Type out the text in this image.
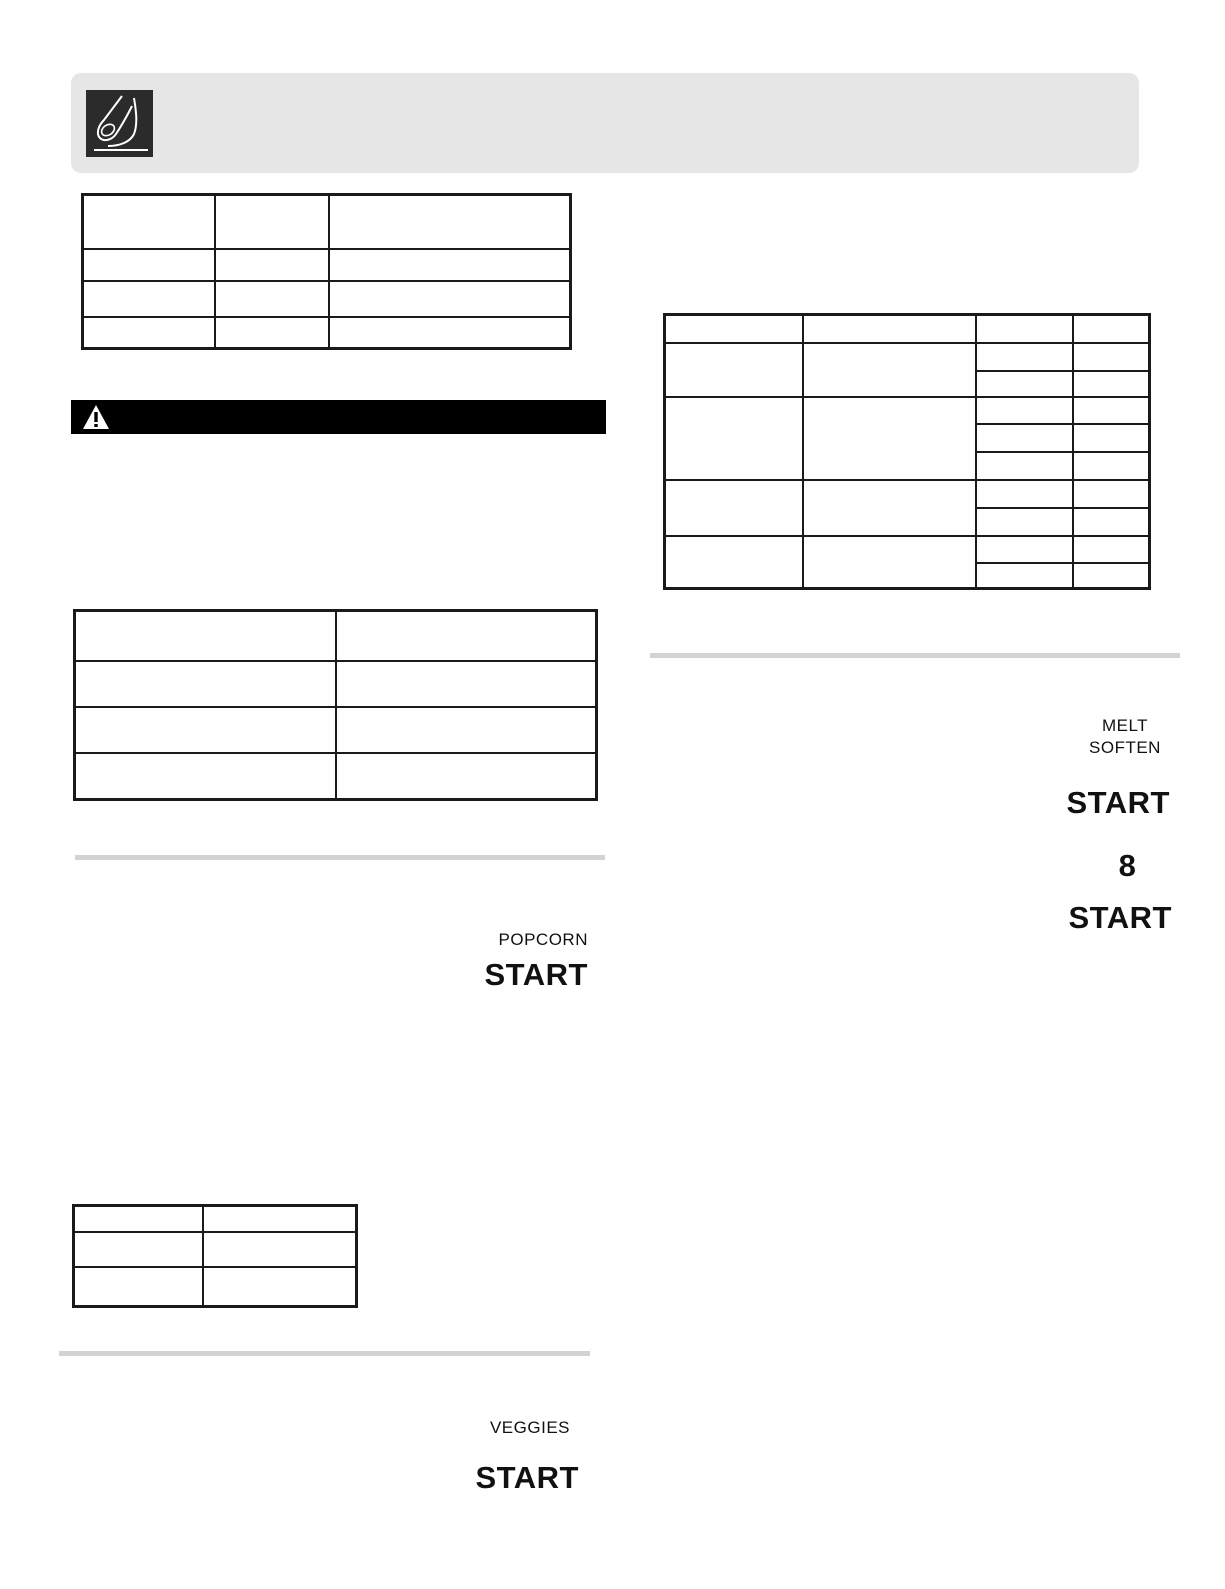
POPCORN
START

VEGGIES
START
MELT
SOFTEN
START
8
START
